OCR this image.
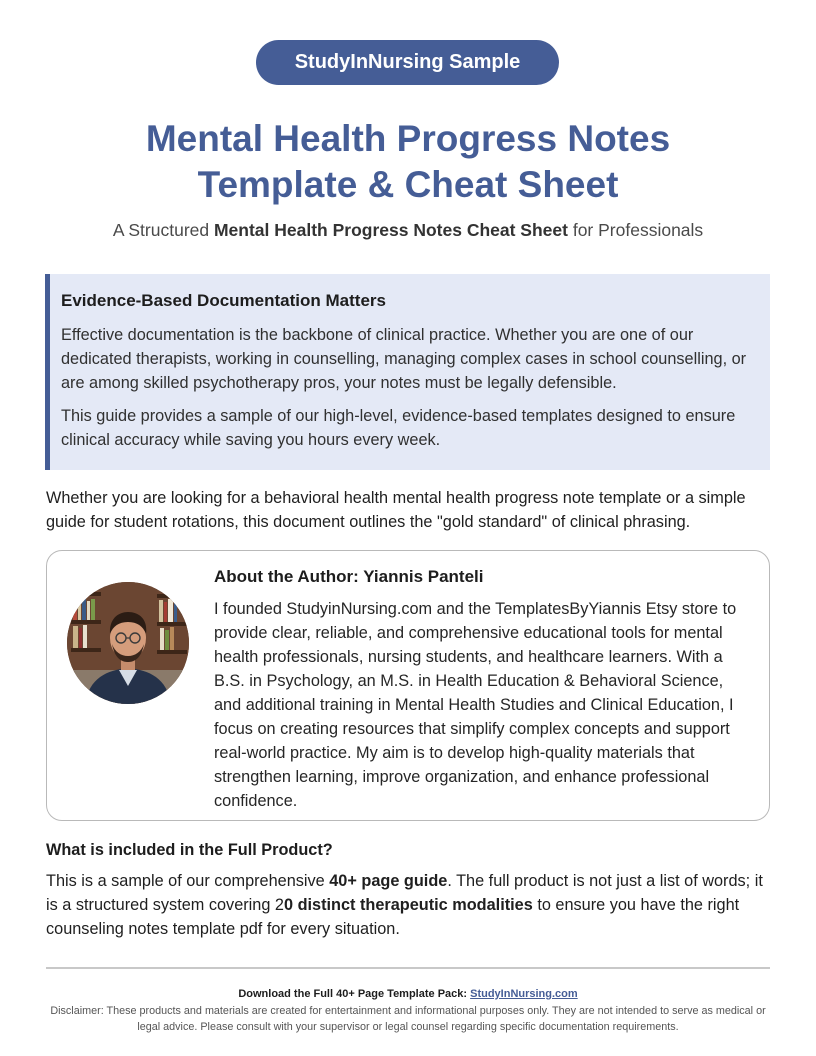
StudyInNursing Sample
Mental Health Progress Notes
Template & Cheat Sheet
A Structured Mental Health Progress Notes Cheat Sheet for Professionals
Evidence-Based Documentation Matters

Effective documentation is the backbone of clinical practice. Whether you are one of our dedicated therapists, working in counselling, managing complex cases in school counselling, or are among skilled psychotherapy pros, your notes must be legally defensible.

This guide provides a sample of our high-level, evidence-based templates designed to ensure clinical accuracy while saving you hours every week.

Whether you are looking for a behavioral health mental health progress note template or a simple guide for student rotations, this document outlines the "gold standard" of clinical phrasing.

About the Author: Yiannis Panteli

I founded StudyinNursing.com and the TemplatesByYiannis Etsy store to provide clear, reliable, and comprehensive educational tools for mental health professionals, nursing students, and healthcare learners. With a B.S. in Psychology, an M.S. in Health Education & Behavioral Science, and additional training in Mental Health Studies and Clinical Education, I focus on creating resources that simplify complex concepts and support real-world practice. My aim is to develop high-quality materials that strengthen learning, improve organization, and enhance professional confidence.

What is included in the Full Product?

This is a sample of our comprehensive 40+ page guide. The full product is not just a list of words; it is a structured system covering 20 distinct therapeutic modalities to ensure you have the right counseling notes template pdf for every situation.

Download the Full 40+ Page Template Pack: StudyInNursing.com
Disclaimer: These products and materials are created for entertainment and informational purposes only. They are not intended to serve as medical or legal advice. Please consult with your supervisor or legal counsel regarding specific documentation requirements.
